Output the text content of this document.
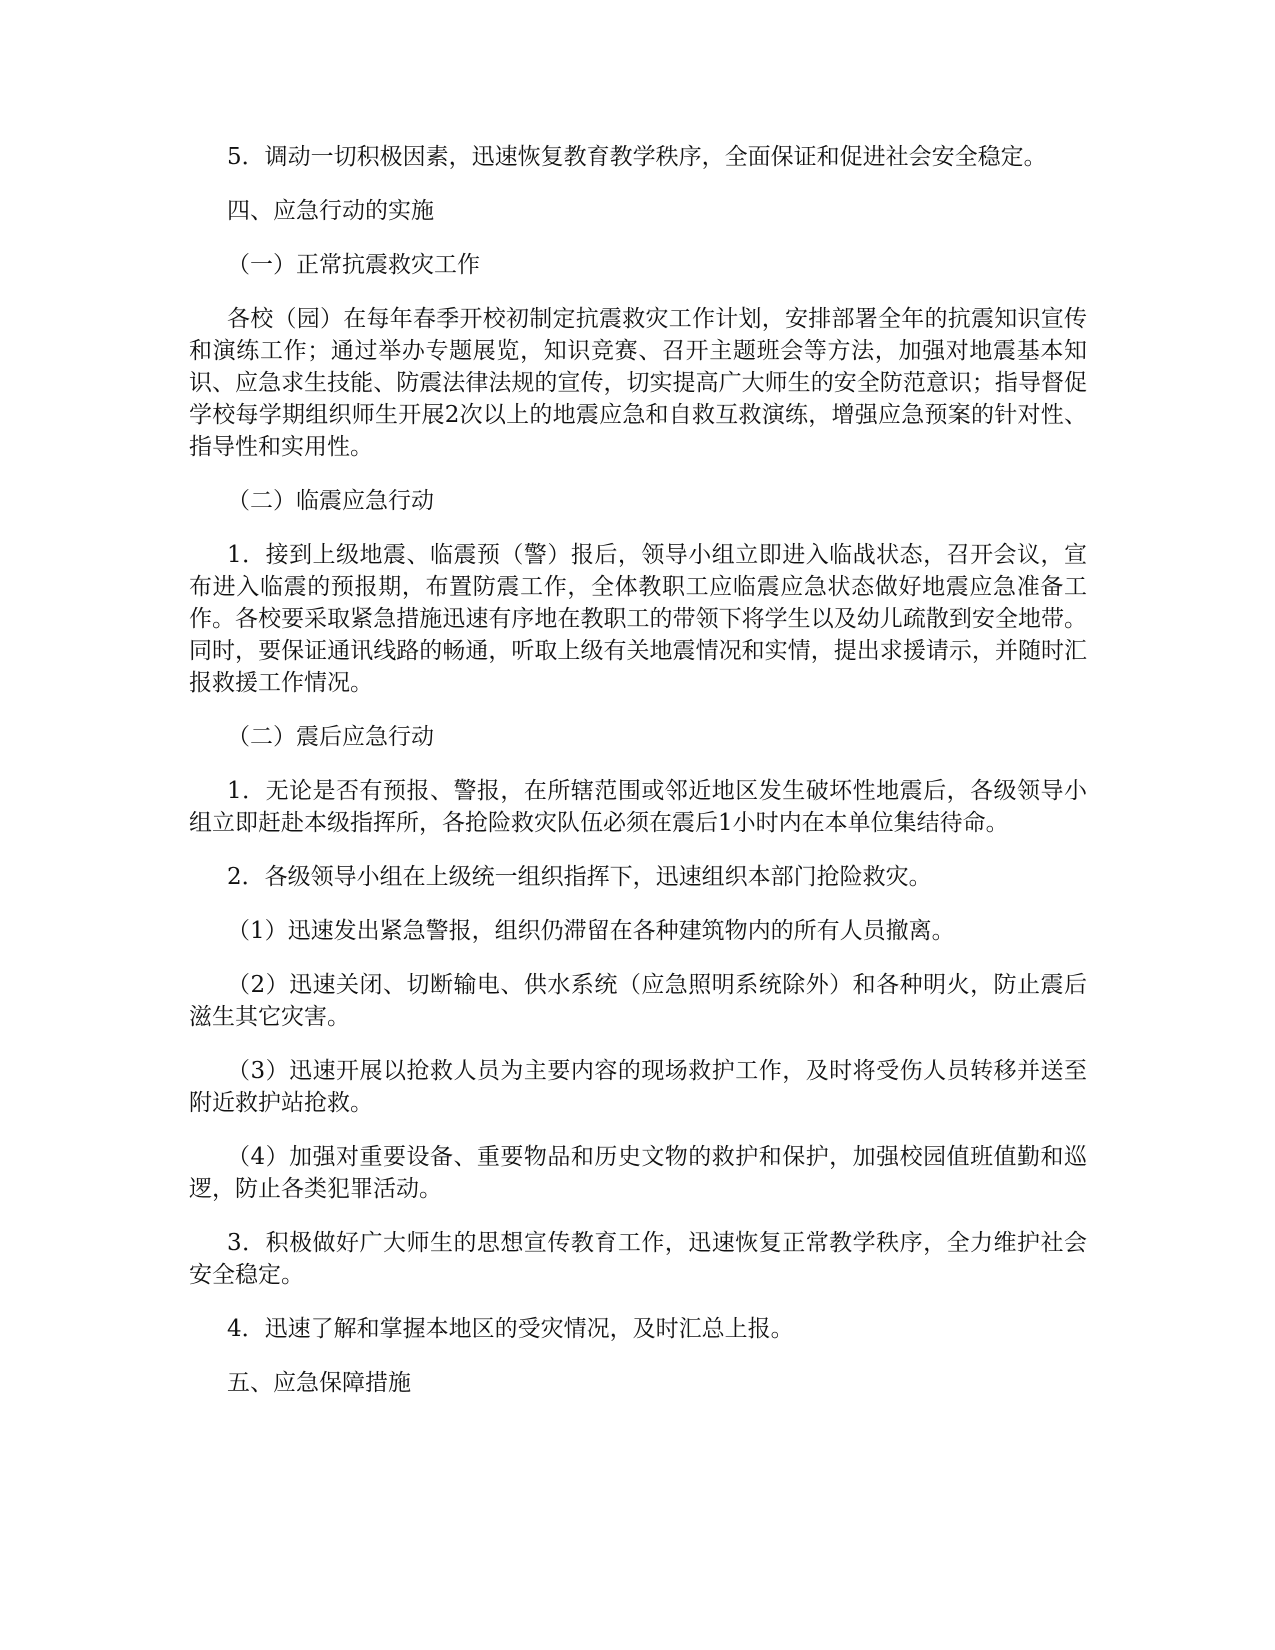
5．调动一切积极因素，迅速恢复教育教学秩序，全面保证和促进社会安全稳定。

四、应急行动的实施

（一）正常抗震救灾工作

各校（园）在每年春季开校初制定抗震救灾工作计划，安排部署全年的抗震知识宣传和演练工作；通过举办专题展览，知识竞赛、召开主题班会等方法，加强对地震基本知识、应急求生技能、防震法律法规的宣传，切实提高广大师生的安全防范意识；指导督促学校每学期组织师生开展2次以上的地震应急和自救互救演练，增强应急预案的针对性、指导性和实用性。

（二）临震应急行动

1．接到上级地震、临震预（警）报后，领导小组立即进入临战状态，召开会议，宣布进入临震的预报期，布置防震工作，全体教职工应临震应急状态做好地震应急准备工作。各校要采取紧急措施迅速有序地在教职工的带领下将学生以及幼儿疏散到安全地带。同时，要保证通讯线路的畅通，听取上级有关地震情况和实情，提出求援请示，并随时汇报救援工作情况。

（二）震后应急行动

1．无论是否有预报、警报，在所辖范围或邻近地区发生破坏性地震后，各级领导小组立即赶赴本级指挥所，各抢险救灾队伍必须在震后1小时内在本单位集结待命。

2．各级领导小组在上级统一组织指挥下，迅速组织本部门抢险救灾。

（1）迅速发出紧急警报，组织仍滞留在各种建筑物内的所有人员撤离。

（2）迅速关闭、切断输电、供水系统（应急照明系统除外）和各种明火，防止震后滋生其它灾害。

（3）迅速开展以抢救人员为主要内容的现场救护工作，及时将受伤人员转移并送至附近救护站抢救。

（4）加强对重要设备、重要物品和历史文物的救护和保护，加强校园值班值勤和巡逻，防止各类犯罪活动。

3．积极做好广大师生的思想宣传教育工作，迅速恢复正常教学秩序，全力维护社会安全稳定。

4．迅速了解和掌握本地区的受灾情况，及时汇总上报。

五、应急保障措施
